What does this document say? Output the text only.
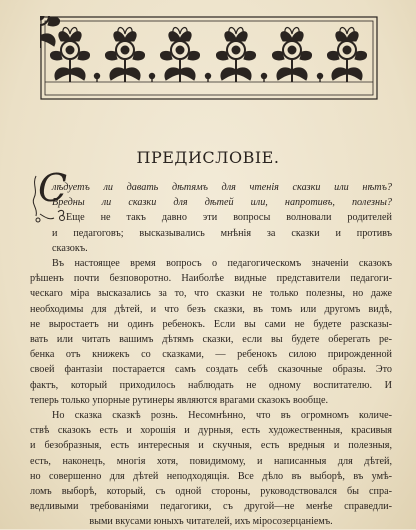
ПРЕДИСЛОВIЕ.
С
лѣдуетъ ли давать дѣтямъ для чтенія сказки или нѣтъ?
Вредны ли сказки для дѣтей или, напротивъ, полезны?
Еще не такъ давно эти вопросы волновали родителей
и педагоговъ; высказывались мнѣнія за сказки и противъ
сказокъ.
Въ настоящее время вопросъ о педагогическомъ значеніи сказокъ
рѣшенъ почти безповоротно. Наиболѣе видные представители педагоги-
ческаго міра высказались за то, что сказки не только полезны, но даже
необходимы для дѣтей, и что безъ сказки, въ томъ или другомъ видѣ,
не выростаетъ ни одинъ ребенокъ. Если вы сами не будете разсказы-
вать или читать вашимъ дѣтямъ сказки, если вы будете оберегать ре-
бенка отъ книжекъ со сказками, — ребенокъ силою прирожденной
своей фантазіи постарается самъ создать себѣ сказочные образы. Это
фактъ, который приходилось наблюдать не одному воспитателю. И
теперь только упорные рутинеры являются врагами сказокъ вообще.
Но сказка сказкѣ рознь. Несомнѣнно, что въ огромномъ количе-
ствѣ сказокъ есть и хорошія и дурныя, есть художественныя, красивыя
и безобразныя, есть интересныя и скучныя, есть вредныя и полезныя,
есть, наконецъ, многія хотя, повидимому, и написанныя для дѣтей,
но совершенно для дѣтей неподходящія. Все дѣло въ выборѣ, въ умѣ-
ломъ выборѣ, который, съ одной стороны, руководствовался бы спра-
ведливыми требованіями педагогики, съ другой—не менѣе справедли-
выми вкусами юныхъ читателей, ихъ міросозерцаніемъ.
